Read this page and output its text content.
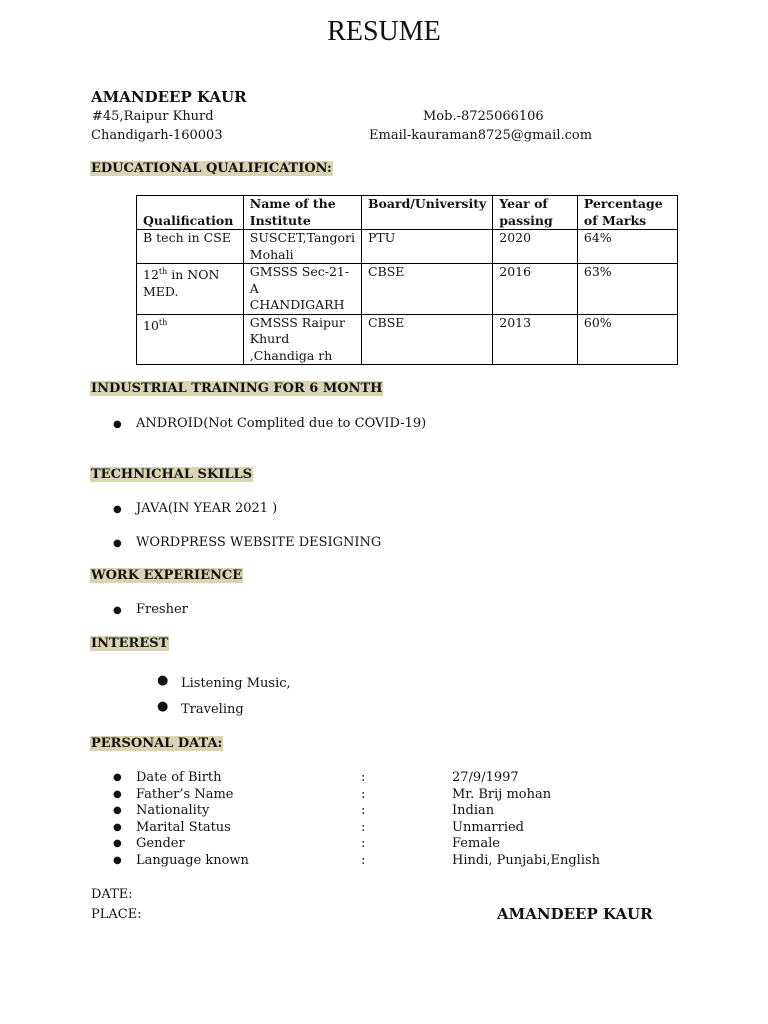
RESUME
AMANDEEP KAUR
#45,Raipur Khurd
Chandigarh-160003
Mob.-8725066106
Email-kauraman8725@gmail.com
EDUCATIONAL QUALIFICATION:
Qualification	Name of the Institute	Board/University	Year of passing	Percentage of Marks
B tech in CSE	SUSCET,Tangori Mohali	PTU	2020	64%
12th in NON MED.	GMSSS Sec-21-A CHANDIGARH	CBSE	2016	63%
10th	GMSSS Raipur Khurd ,Chandiga rh	CBSE	2013	60%
INDUSTRIAL TRAINING FOR 6 MONTH
● ANDROID(Not Complited due to COVID-19)
TECHNICHAL SKILLS
● JAVA(IN YEAR 2021 )
● WORDPRESS WEBSITE DESIGNING
WORK EXPERIENCE
● Fresher
INTEREST
● Listening Music,
● Traveling
PERSONAL DATA:
● Date of Birth	:	27/9/1997
● Father’s Name	:	Mr. Brij mohan
● Nationality	:	Indian
● Marital Status	:	Unmarried
● Gender	:	Female
● Language known	:	Hindi, Punjabi,English
DATE:
PLACE:	AMANDEEP KAUR
